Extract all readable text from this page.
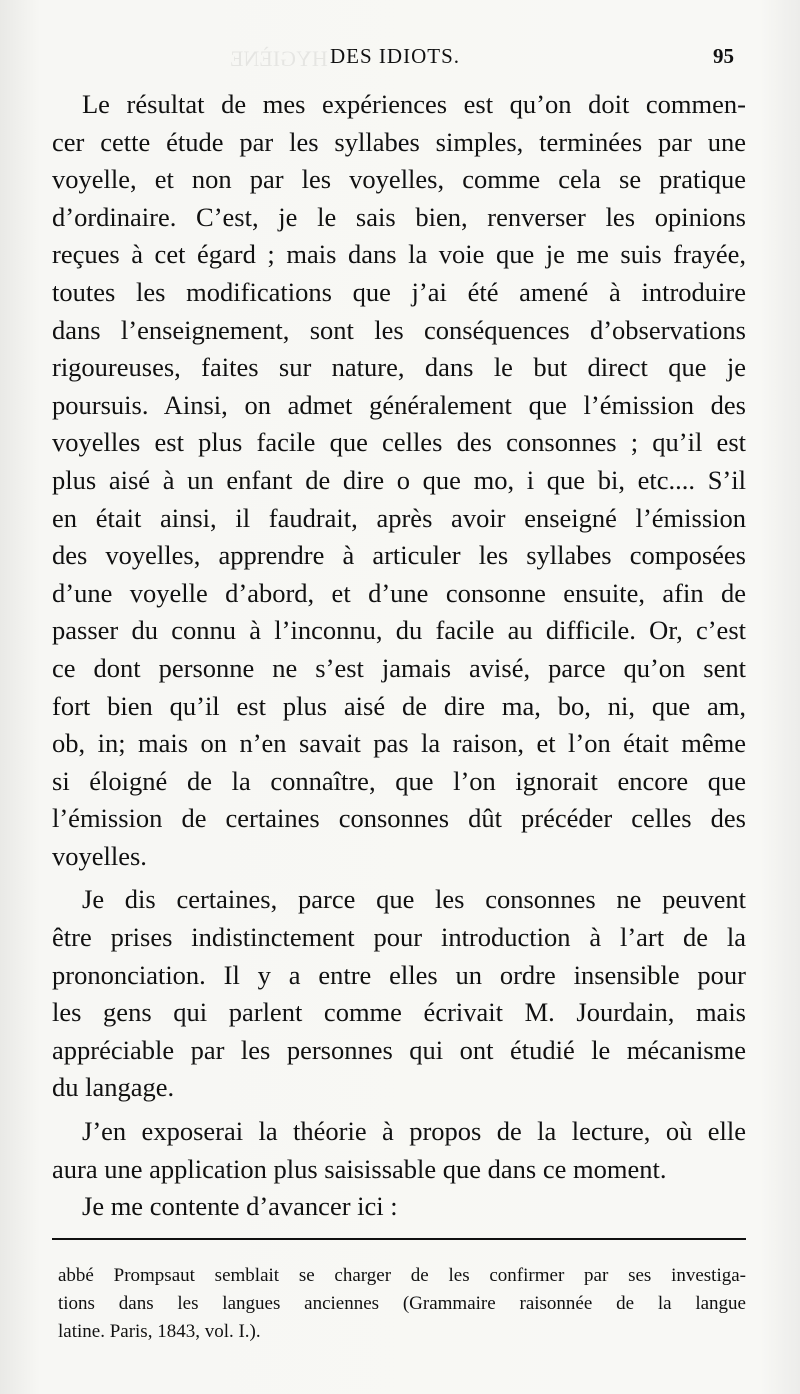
HYGIÈNE DES IDIOTS.	95
Le résultat de mes expériences est qu’on doit commen-
cer cette étude par les syllabes simples, terminées par une
voyelle, et non par les voyelles, comme cela se pratique
d’ordinaire. C’est, je le sais bien, renverser les opinions
reçues à cet égard ; mais dans la voie que je me suis frayée,
toutes les modifications que j’ai été amené à introduire
dans l’enseignement, sont les conséquences d’observations
rigoureuses, faites sur nature, dans le but direct que je
poursuis. Ainsi, on admet généralement que l’émission des
voyelles est plus facile que celles des consonnes ; qu’il est
plus aisé à un enfant de dire o que mo, i que bi, etc.... S’il
en était ainsi, il faudrait, après avoir enseigné l’émission
des voyelles, apprendre à articuler les syllabes composées
d’une voyelle d’abord, et d’une consonne ensuite, afin de
passer du connu à l’inconnu, du facile au difficile. Or, c’est
ce dont personne ne s’est jamais avisé, parce qu’on sent
fort bien qu’il est plus aisé de dire ma, bo, ni, que am,
ob, in; mais on n’en savait pas la raison, et l’on était même
si éloigné de la connaître, que l’on ignorait encore que
l’émission de certaines consonnes dût précéder celles des
voyelles.
Je dis certaines, parce que les consonnes ne peuvent
être prises indistinctement pour introduction à l’art de la
prononciation. Il y a entre elles un ordre insensible pour
les gens qui parlent comme écrivait M. Jourdain, mais
appréciable par les personnes qui ont étudié le mécanisme
du langage.
J’en exposerai la théorie à propos de la lecture, où elle
aura une application plus saisissable que dans ce moment.
Je me contente d’avancer ici :
abbé Prompsaut semblait se charger de les confirmer par ses investiga-
tions dans les langues anciennes (Grammaire raisonnée de la langue
latine. Paris, 1843, vol. I.).
